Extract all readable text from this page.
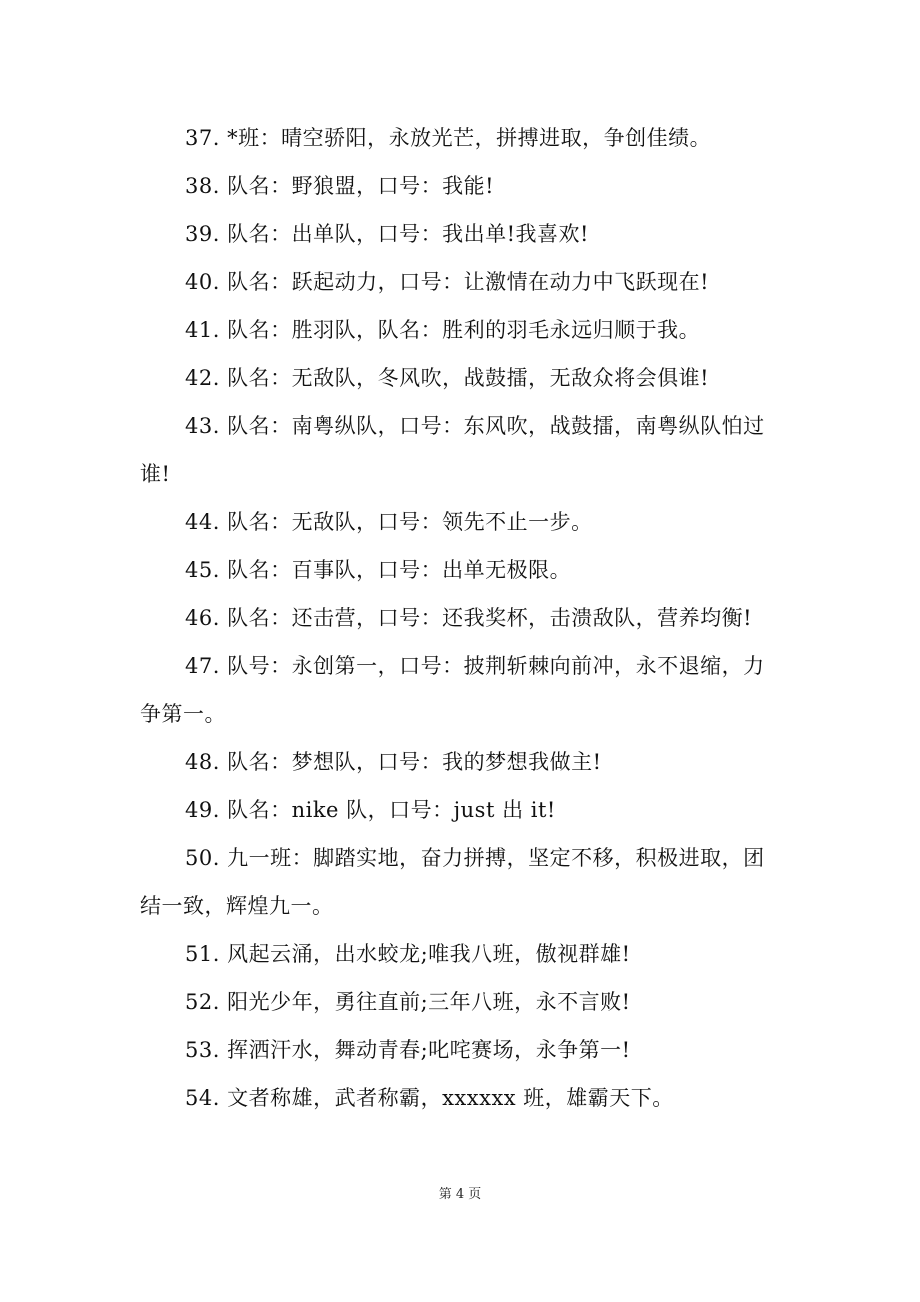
37. *班：晴空骄阳，永放光芒，拼搏进取，争创佳绩。

38. 队名：野狼盟，口号：我能!

39. 队名：出单队，口号：我出单!我喜欢!

40. 队名：跃起动力，口号：让激情在动力中飞跃现在!

41. 队名：胜羽队，队名：胜利的羽毛永远归顺于我。

42. 队名：无敌队，冬风吹，战鼓擂，无敌众将会俱谁!

43. 队名：南粤纵队，口号：东风吹，战鼓擂，南粤纵队怕过谁!

44. 队名：无敌队，口号：领先不止一步。

45. 队名：百事队，口号：出单无极限。

46. 队名：还击营，口号：还我奖杯，击溃敌队，营养均衡!

47. 队号：永创第一，口号：披荆斩棘向前冲，永不退缩，力争第一。

48. 队名：梦想队，口号：我的梦想我做主!

49. 队名：nike 队，口号：just 出 it!

50. 九一班：脚踏实地，奋力拼搏，坚定不移，积极进取，团结一致，辉煌九一。

51. 风起云涌，出水蛟龙;唯我八班，傲视群雄!

52. 阳光少年，勇往直前;三年八班，永不言败!

53. 挥洒汗水，舞动青春;叱咤赛场，永争第一!

54. 文者称雄，武者称霸，xxxxxx 班，雄霸天下。

第 4 页
